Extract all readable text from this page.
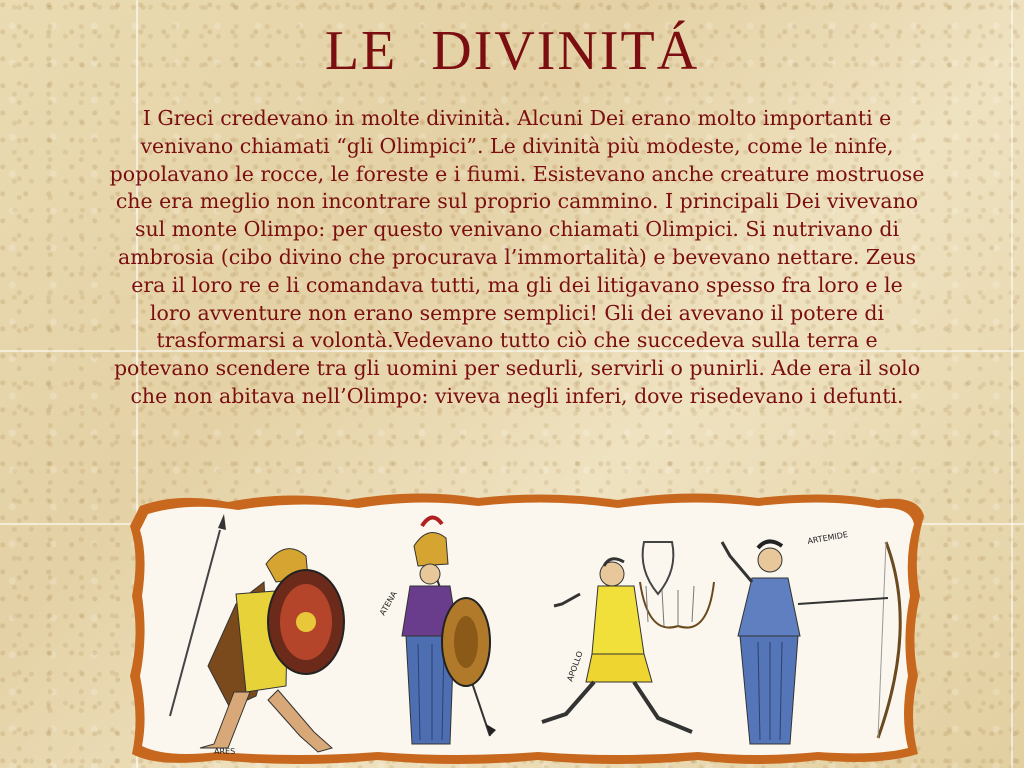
LE DIVINITÁ

I Greci credevano in molte divinità. Alcuni Dei erano molto importanti e venivano chiamati “gli Olimpici”. Le divinità più modeste, come le ninfe, popolavano le rocce, le foreste e i fiumi. Esistevano anche creature mostruose che era meglio non incontrare sul proprio cammino. I principali Dei vivevano sul monte Olimpo: per questo venivano chiamati Olimpici. Si nutrivano di ambrosia (cibo divino che procurava l’immortalità) e bevevano nettare. Zeus era il loro re e li comandava tutti, ma gli dei litigavano spesso fra loro e le loro avventure non erano sempre semplici! Gli dei avevano il potere di trasformarsi a volontà.Vedevano tutto ciò che succedeva sulla terra e potevano scendere tra gli uomini per sedurli, servirli o punirli. Ade era il solo che non abitava nell’Olimpo: viveva negli inferi, dove risedevano i defunti.

ARES
ATENA
APOLLO
ARTEMIDE
